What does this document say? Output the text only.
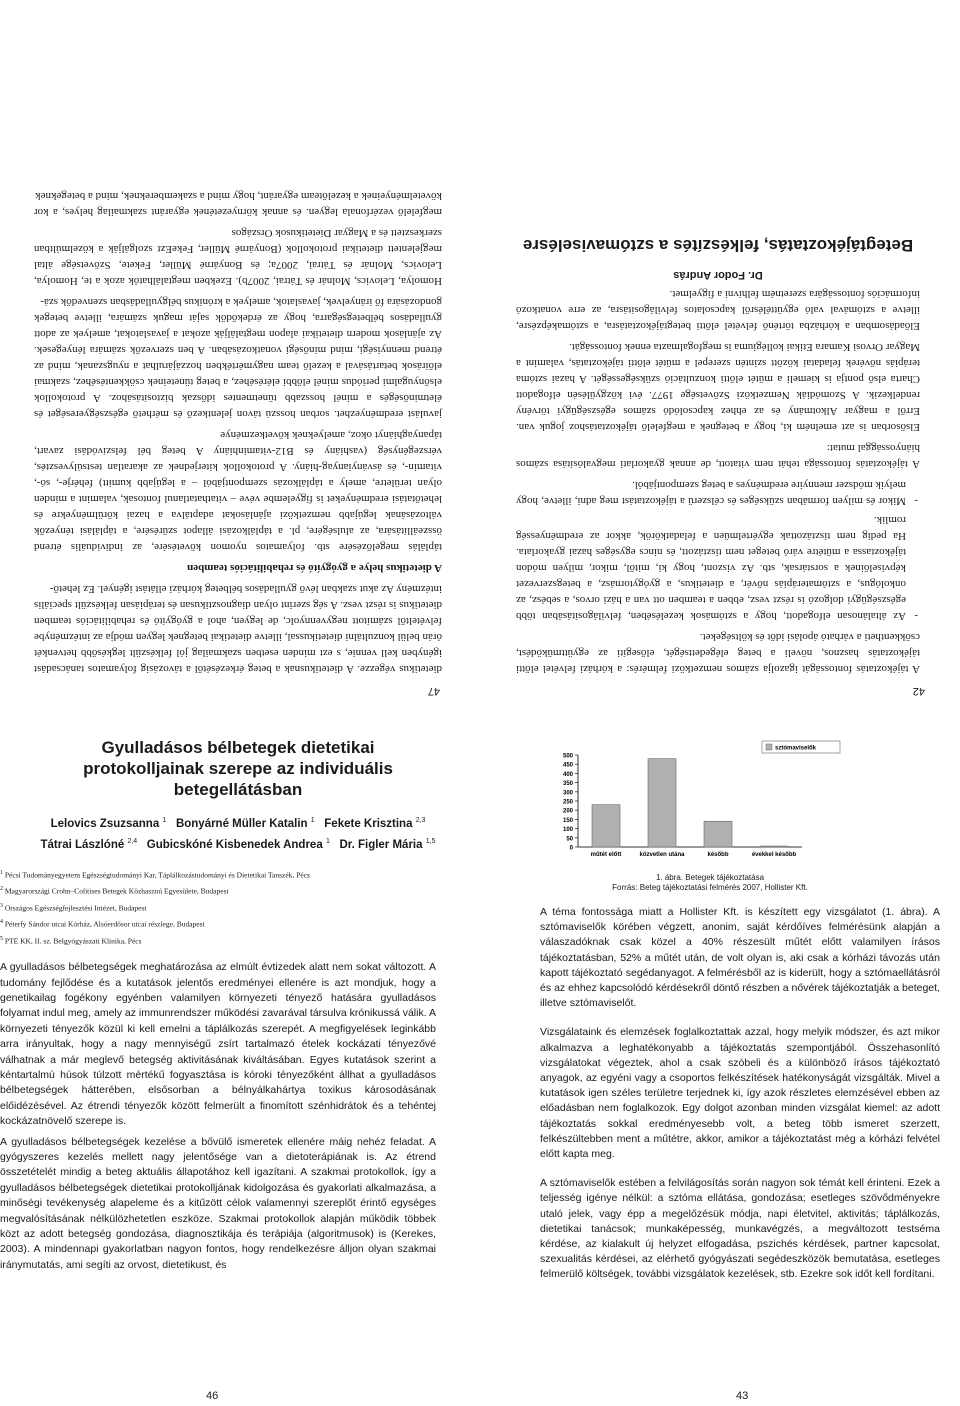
42

A tájékoztatás fontosságát igazolja számos nemzetközi felmérés: a kórházi felvétel előtti tájékoztatás hasznos, növeli a beteg elégedettségét, elősegíti az együttműködést, csökkentheti a várható ápolási időt és költségeket.

- Az általánosan elfogadott, hogy a sztómások kezelésében, felvilágosításában több egészségügyi dolgozó is részt vesz, ebben a teamben ott van a házi orvos, a sebész, az onkológus, a sztómaterápiás nővér, a dietetikus, a gyógytornász, a betegszervezet képviselőinek a sorstársak, stb. Az viszont, hogy ki, mitől, mikor, milyen módon tájékoztassa a műtétre váró beteget nem tisztázott, és nincs egységes hazai gyakorlata. Ha pedig nem tisztázottak egyértelműen a feladatkörök, akkor az eredményesség romlik.
- Mikor és milyen formában szükséges és célszerű a tájékoztatást meg adni, illetve, hogy melyik módszer mennyire eredményes a beteg szempontjából.

A tájékoztatás fontossága tehát nem vitatott, de annak gyakorlati megvalósítása számos hiányossággal mutat:

Elsősorban is azt emelném ki, hogy a betegnek a megfelelő tájékoztatáshoz joguk van. Erről a magyar Alkotmány és az ehhez kapcsolódó számos egészségügyi törvény rendelkezik. A Szomódiák Nemzetközi Szövetsége 1977. évi közgyűlésén elfogadott Charta első pontja is kiemeli a műtét előtti konzultáció szükségességét. A hazai sztóma terápiás nővérek feladatai között szintén szerepel a műtét előtti tájékoztatás, valamint a Magyar Orvosi Kamara Etikai kollégiuma is megfogalmazta ennek fontosságát.

Előadásomban a kórházba történő felvétel előtti betegtájékoztatásra, a sztómaképzésre, illetve a sztómával való együttélésről kapcsolatos felvilágosításra, az erre vonatkozó információs fontosságára szeretném felhívni a figyelmet.

Dr. Fodor András
Betegtájékoztatás, felkészítés a sztómaviselésre
47

dietetikus végezze. A dietetikusnak a beteg érkezésétől a távozásig folyamatos tanácsadást igényben kell vennie, s ezt minden esetben szakmailag jól felkészült legkésőbb hetvenkét órán belül konzultálni dietetikussal, illetve dietetikai betegnek legyen módja az intézménybe felvételtől számított negyvennyolc, de legyen, ahol a gyógyító és rehabilitációs teamben dietetikus is részt vesz. A ség szerint olyan diagnosztikusan és terápiásan felkészült speciális intézmény Az akut szakban lévő gyulladásos bélbeteg kórházi ellátást igényel. Ez lehető-

A dietetikus helye a gyógyító és rehabilitációs teamben

táplálás megelőzésére stb. folyamatos nyomon követésére, az individuális étrend összeállítására, az alulségére, pl. a táplálkozási állapot szűrésére, a táplálási tényezők változásának legújabb nemzetközi ajánlásokat adaptálva a hazai körülményekre és lehetőtatási eredményeket is figyelembe véve – vitathatatlanul fontosak, valamint a minden olyan területre, amely a táplálkozás szempontjából – a legújabb kumitt) fehérje-, só-, vitamin-, és ásványianyag-hiány. A protokollok kiterjednek az akaratlan testsúlyvesztés, vérszegénység (vashiány és B12-vitaminhiány A beteg bél felszívódási zavart, tápanyaghiányt okoz, amelyeknek következménye

javulást eredményezhet. sorban hosszú távon jelentkező és mérhető egészségyereséget és életminőségés a minél hosszabb tünetmentes időszak biztosításához. A protokollok elsőnyugalmi periódus minél előbbi eléréséhez, a beteg tüneteinek csökkentéséhez, szakmai előírások betartásával a kezelő team nagymértékben hozzájárulhat a nyugszanak, mind az étrend mennyiségi, mind minőségi vonatkozásában. A ben szervezők számára lényegesek. Az ajánlások modern dietetikai alapon megtalálják azokat a javaslatokat, amelyek az adott gyulladásos bélbetegségarra, hogy az érdekődők saját maguk számára, illetve betegek gondozására fő irányelvek, javaslatok, amelyek a krónikus bélgyulladásban szenvedők szá-

Homolya, Lelovics, Molnár és Tátrai, 2007b). Ezekben megtalálhatók azok a te, Homolya, Lelovics, Molnár és Tátrai, 2007a; és Bonyárné Müller, Fekete, Szövetsége által megjelentett dietetikai protokollok (Bonyárné Müller, FekeEzt szolgálják a közelmúltban szerkesztett és a Magyar Dietetikusok Országos

megfelelő vezérfonala legyen. és annak környezetének egyaránt szakmailag helyes, a kor követelményeinek a kezelőteam egyaránt, hogy mind a szakembereknek, mind a betegeknek

Gyulladásos bélbetegek dietetikai
protokolljainak szerepe az individuális
betegellátásban
Lelovics Zsuzsanna $^1$ Bonyárné Müller Katalin $^1$ Fekete Krisztina $^{2,3}$
Tátrai Lászlóné $^{2,4}$ Gubicskóné Kisbenedek Andrea $^1$ Dr. Figler Mária $^{1,5}$

$^1$ Pécsi Tudományegyetem Egészségtudományi Kar, Táplálkozástudományi és Dietetikai Tanszék, Pécs

$^2$ Magyarországi Crohn–Colitises Betegek Közhasznú Egyesülete, Budapest

$^3$ Országos Egészségfejlesztési Intézet, Budapest

$^4$ Péterfy Sándor utcai Kórház, Alsóerdősor utcai részlege, Budapest

$^5$ PTE KK, II. sz. Belgyógyászati Klinika, Pécs

A gyulladásos bélbetegségek meghatározása az elmúlt évtizedek alatt nem sokat változott. A tudomány fejlődése és a kutatások jelentős eredményei ellenére is azt mondjuk, hogy a genetikailag fogékony egyénben valamilyen környezeti tényező hatására gyulladásos folyamat indul meg, amely az immunrendszer működési zavarával társulva krónikussá válik. A környezeti tényezők közül ki kell emelni a táplálkozás szerepét. A megfigyelések leginkább arra irányultak, hogy a nagy mennyiségű zsírt tartalmazó ételek kockázati tényezővé válhatnak a már meglevő betegség aktivitásának kiváltásában. Egyes kutatások szerint a kéntartalmú húsok túlzott mértékű fogyasztása is kóroki tényezőként állhat a gyulladásos bélbetegségek hátterében, elsősorban a bélnyálkahártya toxikus károsodásának előidézésével. Az étrendi tényezők között felmerült a finomított szénhidrátok és a tehéntej kockázatnövelő szerepe is.

A gyulladásos bélbetegségek kezelése a bővülő ismeretek ellenére máig nehéz feladat. A gyógyszeres kezelés mellett nagy jelentősége van a dietoterápiának is. Az étrend összetételét mindig a beteg aktuális állapotához kell igazítani. A szakmai protokollok, így a gyulladásos bélbetegségek dietetikai protokolljának kidolgozása és gyakorlati alkalmazása, a minőségi tevékenység alapeleme és a kitűzött célok valamennyi szereplőt érintő egységes megvalósításának nélkülözhetetlen eszköze. Szakmai protokollok alapján működik többek közt az adott betegség gondozása, diagnosztikája és terápiája (algoritmusok) is (Kerekes, 2003). A mindennapi gyakorlatban nagyon fontos, hogy rendelkezésre álljon olyan szakmai iránymutatás, ami segíti az orvost, dietetikust, és

46
0
50
100
150
200
250
300
350
400
450
500
műtét előtt	közvetlen utána	később	évekkel később
sztómaviselők
1. ábra. Betegek tájékoztatása
Forrás: Beteg tájékoztatási felmérés 2007, Hollister Kft.

A téma fontossága miatt a Hollister Kft. is készített egy vizsgálatot (1. ábra). A sztómaviselők körében végzett, anonim, saját kérdőíves felmérésünk alapján a válaszadóknak csak közel a 40% részesült műtét előtt valamilyen írásos tájékoztatásban, 52% a műtét után, de volt olyan is, aki csak a kórházi távozás után kapott tájékoztató segédanyagot. A felmérésből az is kiderült, hogy a sztómaellátásról és az ehhez kapcsolódó kérdésekről döntő részben a nővérek tájékoztatják a beteget, illetve sztómaviselőt.

Vizsgálataink és elemzések foglalkoztattak azzal, hogy melyik módszer, és azt mikor alkalmazva a leghatékonyabb a tájékoztatás szempontjából. Összehasonlító vizsgálatokat végeztek, ahol a csak szóbeli és a különböző írásos tájékoztató anyagok, az egyéni vagy a csoportos felkészítések hatékonyságát vizsgálták. Mivel a kutatások igen széles területre terjednek ki, így azok részletes elemzésével ebben az előadásban nem foglalkozok. Egy dolgot azonban minden vizsgálat kiemel: az adott tájékoztatás sokkal eredményesebb volt, a beteg több ismeret szerzett, felkészültebben ment a műtétre, akkor, amikor a tájékoztatást még a kórházi felvétel előtt kapta meg.

A sztómaviselők estében a felvilágosítás során nagyon sok témát kell érinteni. Ezek a teljesség igénye nélkül: a sztóma ellátása, gondozása; esetleges szövődményekre utaló jelek, vagy épp a megelőzésük módja, napi életvitel, aktivitás; táplálkozás, dietetikai tanácsok; munkaképesség, munkavégzés, a megváltozott testséma kérdése, az kialakult új helyzet elfogadása, pszichés kérdések, partner kapcsolat, szexualitás kérdései, az elérhető gyógyászati segédeszközök bemutatása, esetleges felmerülő költségek, további vizsgálatok kezelések, stb. Ezekre sok időt kell fordítani.

43
